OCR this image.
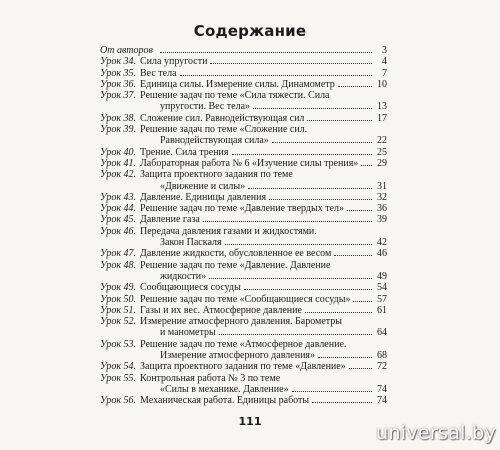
Содержание
От авторов	3
Урок 34. Сила упругости	4
Урок 35. Вес тела	7
Урок 36. Единица силы. Измерение силы. Динамометр	10
Урок 37. Решение задач по теме «Сила тяжести. Сила
упругости. Вес тела»	13
Урок 38. Сложение сил. Равнодействующая сил	17
Урок 39. Решение задач по теме «Сложение сил.
Равнодействующая сила»	22
Урок 40. Трение. Сила трения	25
Урок 41. Лабораторная работа № 6 «Изучение силы трения» 29
Урок 42. Защита проектного задания по теме
«Движение и силы»	31
Урок 43. Давление. Единицы давления	32
Урок 44. Решение задач по теме «Давление твердых тел»	36
Урок 45. Давление газа	39
Урок 46. Передача давления газами и жидкостями.
Закон Паскаля	42
Урок 47. Давление жидкости, обусловленное ее весом	46
Урок 48. Решение задач по теме «Давление. Давление
жидкости»	49
Урок 49. Сообщающиеся сосуды	54
Урок 50. Решение задач по теме «Сообщающиеся сосуды»	57
Урок 51. Газы и их вес. Атмосферное давление	61
Урок 52. Измерение атмосферного давления. Барометры
и манометры	64
Урок 53. Решение задач по теме «Атмосферное давление.
Измерение атмосферного давления»	68
Урок 54. Защита проектного задания по теме «Давление»	72
Урок 55. Контрольная работа № 3 по теме
«Силы в механике. Давление»	74
Урок 56. Механическая работа. Единицы работы	74
111
universal.by
